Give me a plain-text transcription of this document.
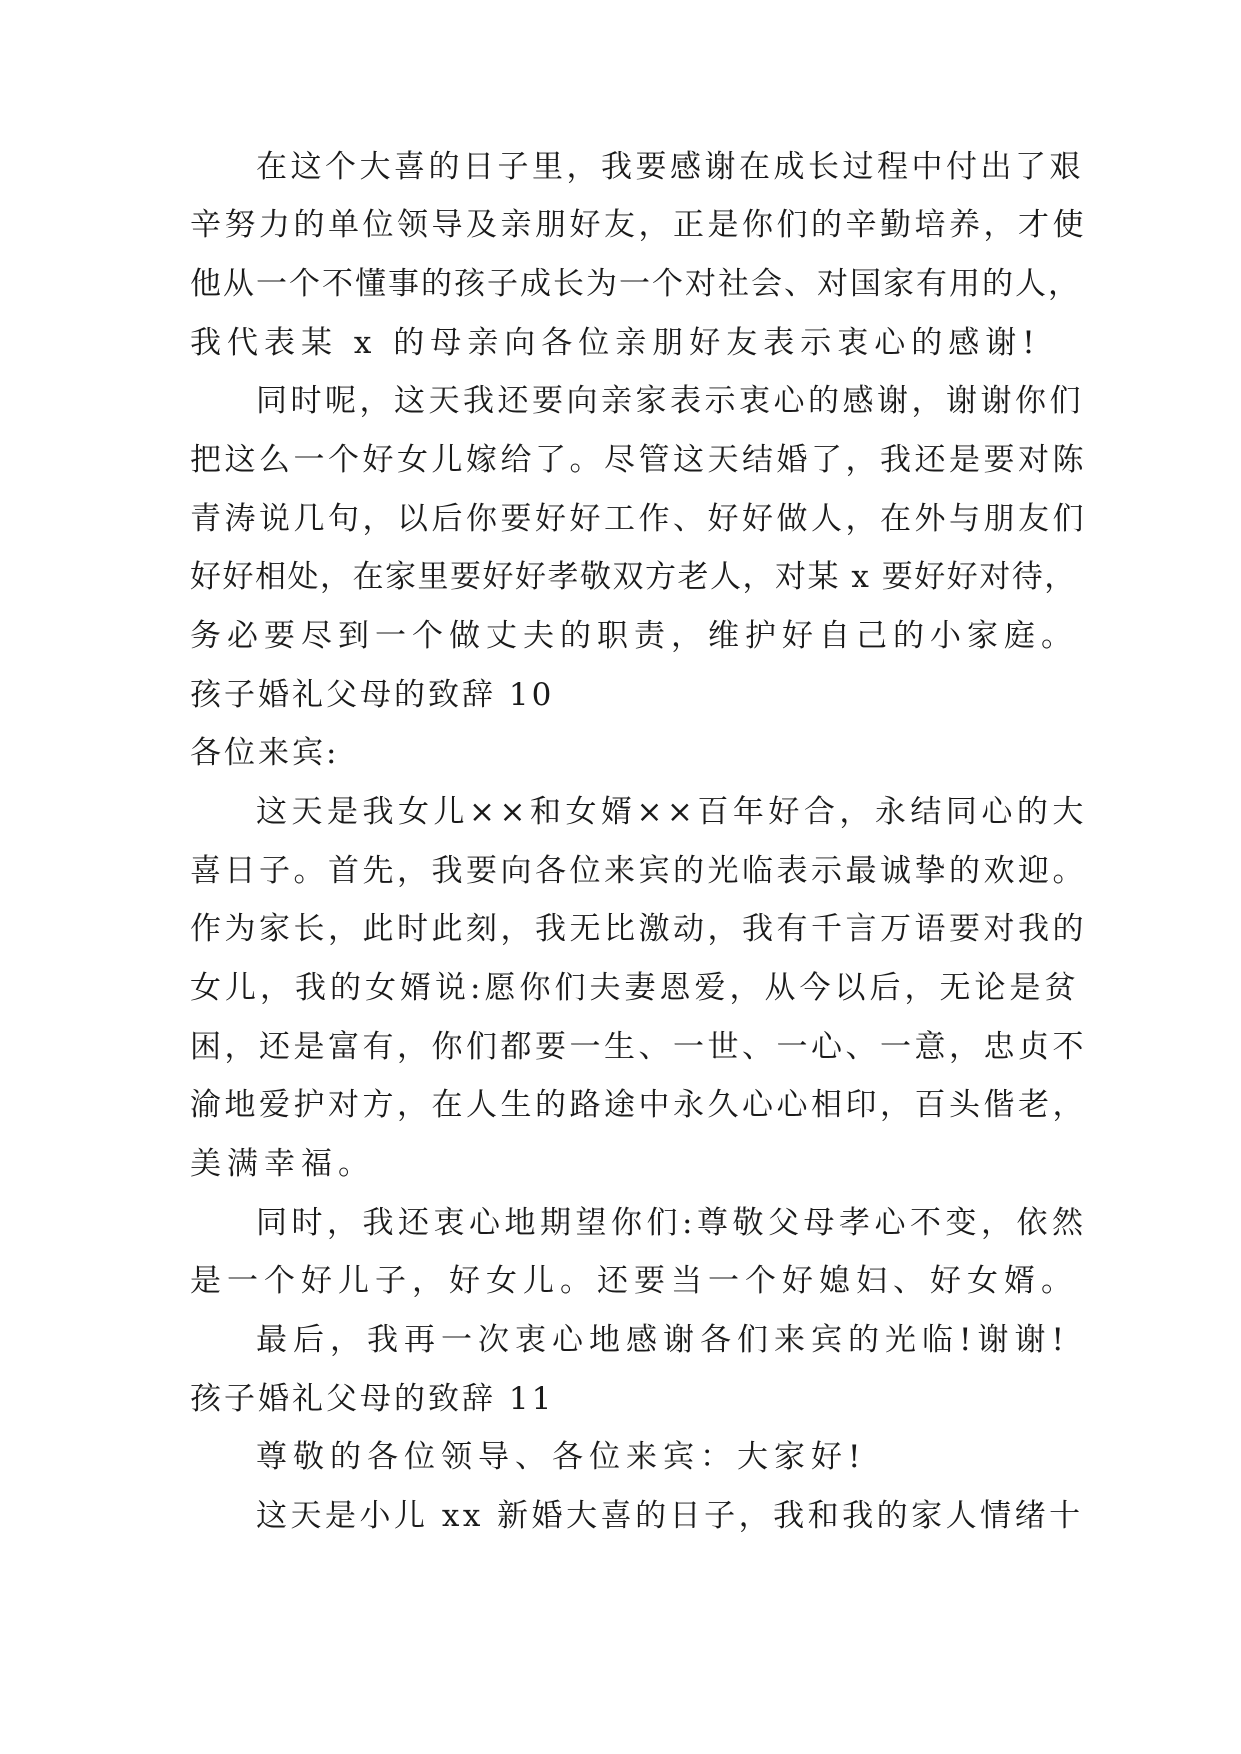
在这个大喜的日子里，我要感谢在成长过程中付出了艰
辛努力的单位领导及亲朋好友，正是你们的辛勤培养，才使
他从一个不懂事的孩子成长为一个对社会、对国家有用的人，
我代表某 x 的母亲向各位亲朋好友表示衷心的感谢!
同时呢，这天我还要向亲家表示衷心的感谢，谢谢你们
把这么一个好女儿嫁给了。尽管这天结婚了，我还是要对陈
青涛说几句，以后你要好好工作、好好做人，在外与朋友们
好好相处，在家里要好好孝敬双方老人，对某 x 要好好对待，
务必要尽到一个做丈夫的职责，维护好自己的小家庭。
孩子婚礼父母的致辞 10
各位来宾:
这天是我女儿××和女婿××百年好合，永结同心的大
喜日子。首先，我要向各位来宾的光临表示最诚挚的欢迎。
作为家长，此时此刻，我无比激动，我有千言万语要对我的
女儿，我的女婿说:愿你们夫妻恩爱，从今以后，无论是贫
困，还是富有，你们都要一生、一世、一心、一意，忠贞不
渝地爱护对方，在人生的路途中永久心心相印，百头偕老，
美满幸福。
同时，我还衷心地期望你们:尊敬父母孝心不变，依然
是一个好儿子，好女儿。还要当一个好媳妇、好女婿。
最后，我再一次衷心地感谢各们来宾的光临!谢谢!
孩子婚礼父母的致辞 11
尊敬的各位领导、各位来宾：大家好!
这天是小儿 xx 新婚大喜的日子，我和我的家人情绪十
